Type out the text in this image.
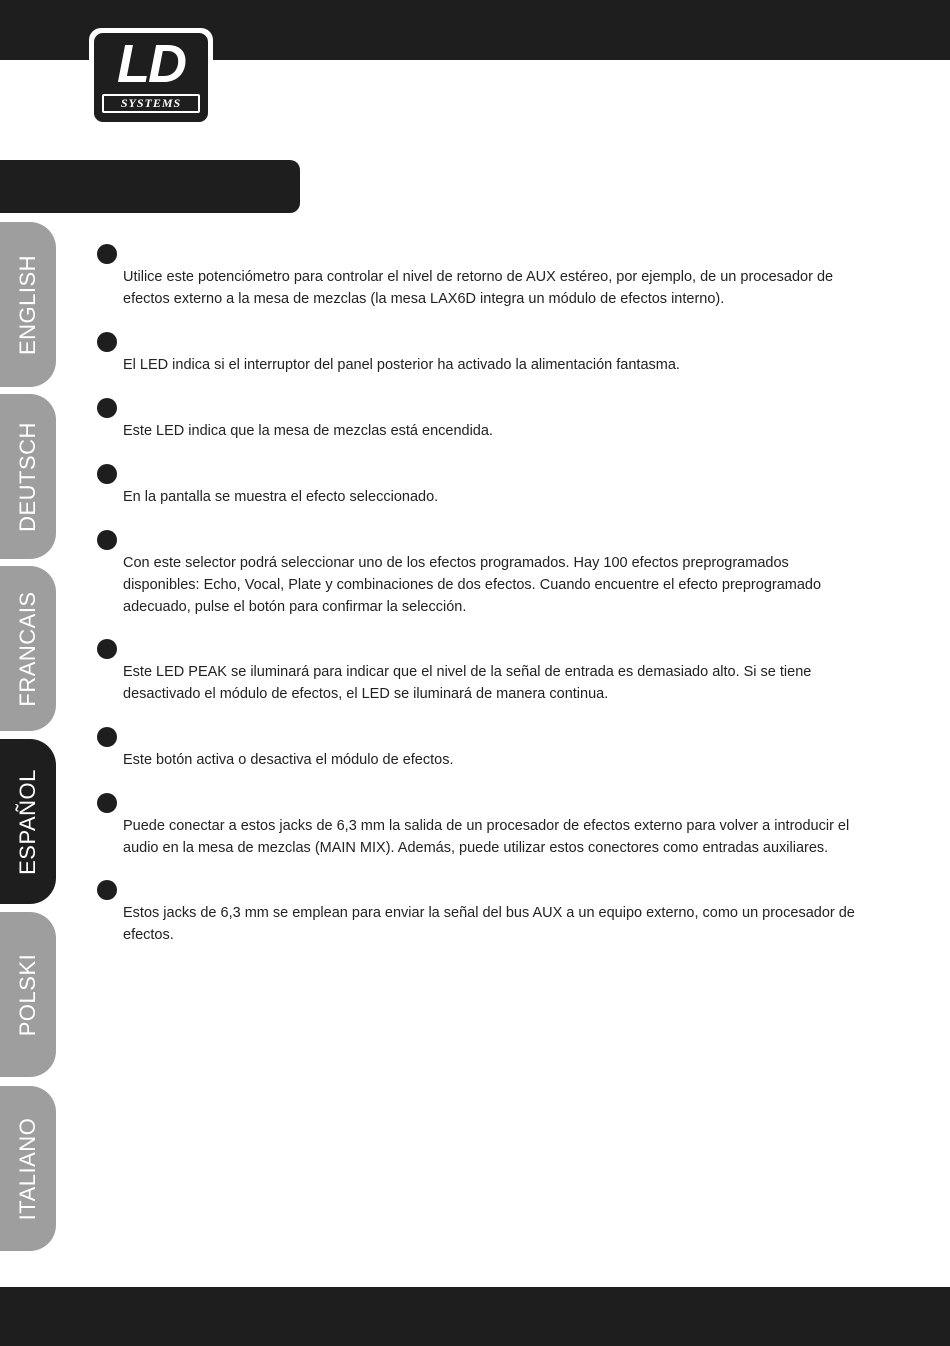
LD
SYSTEMS
ENGLISH
DEUTSCH
FRANCAIS
ESPAÑOL
POLSKI
ITALIANO

Utilice este potenciómetro para controlar el nivel de retorno de AUX estéreo, por ejemplo, de un procesador de efectos externo a la mesa de mezclas (la mesa LAX6D integra un módulo de efectos interno).

El LED indica si el interruptor del panel posterior ha activado la alimentación fantasma.

Este LED indica que la mesa de mezclas está encendida.

En la pantalla se muestra el efecto seleccionado.

Con este selector podrá seleccionar uno de los efectos programados. Hay 100 efectos preprogramados disponibles: Echo, Vocal, Plate y combinaciones de dos efectos. Cuando encuentre el efecto preprogramado adecuado, pulse el botón para confirmar la selección.

Este LED PEAK se iluminará para indicar que el nivel de la señal de entrada es demasiado alto. Si se tiene desactivado el módulo de efectos, el LED se iluminará de manera continua.

Este botón activa o desactiva el módulo de efectos.

Puede conectar a estos jacks de 6,3 mm la salida de un procesador de efectos externo para volver a introducir el audio en la mesa de mezclas (MAIN MIX). Además, puede utilizar estos conectores como entradas auxiliares.

Estos jacks de 6,3 mm se emplean para enviar la señal del bus AUX a un equipo externo, como un procesador de efectos.
